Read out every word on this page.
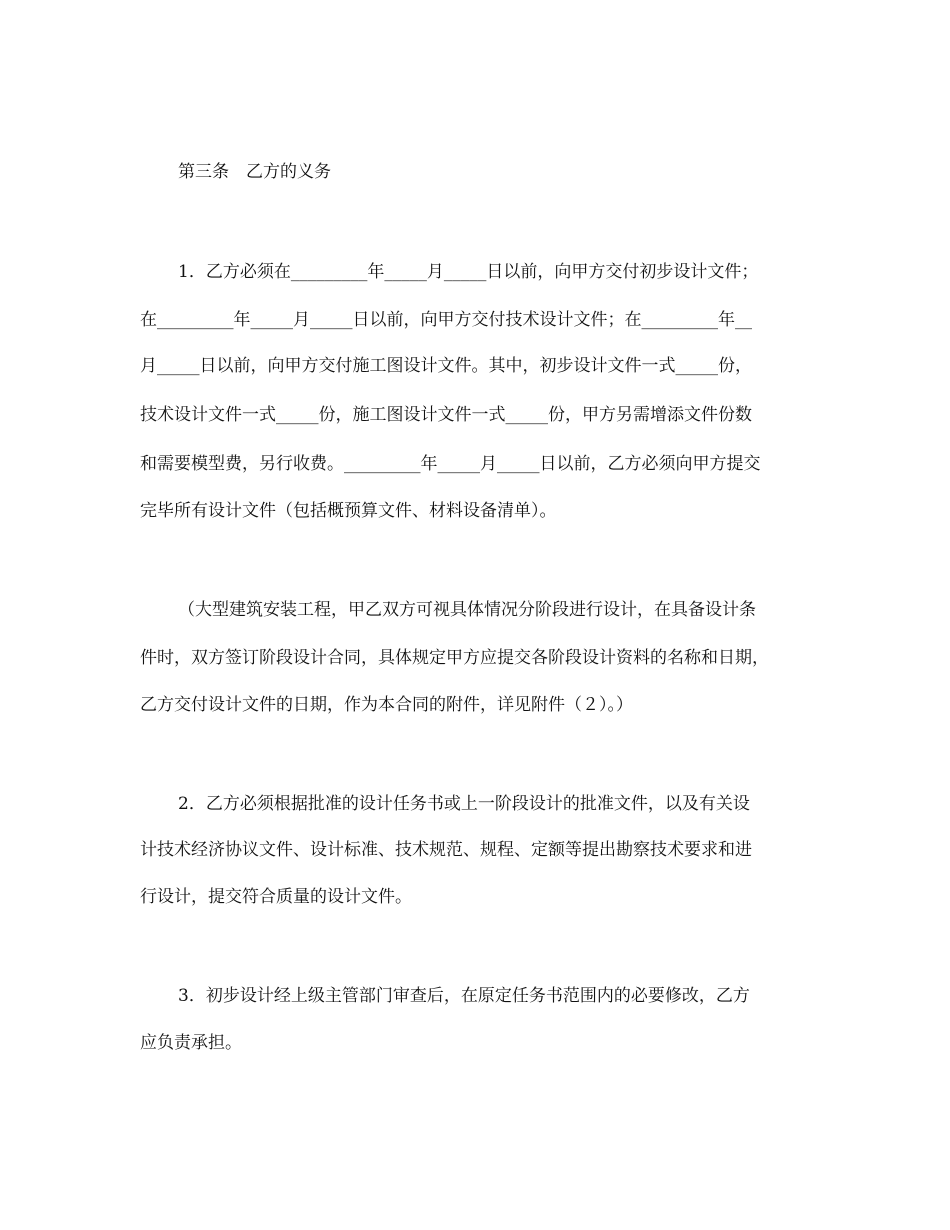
第三条　乙方的义务
1．乙方必须在_________年_____月_____日以前，向甲方交付初步设计文件；
在_________年_____月_____日以前，向甲方交付技术设计文件；在_________年__
月_____日以前，向甲方交付施工图设计文件。其中，初步设计文件一式_____份，
技术设计文件一式_____份，施工图设计文件一式_____份，甲方另需增添文件份数
和需要模型费，另行收费。_________年_____月_____日以前，乙方必须向甲方提交
完毕所有设计文件（包括概预算文件、材料设备清单）。
（大型建筑安装工程，甲乙双方可视具体情况分阶段进行设计，在具备设计条
件时，双方签订阶段设计合同，具体规定甲方应提交各阶段设计资料的名称和日期，
乙方交付设计文件的日期，作为本合同的附件，详见附件（２）。）
2．乙方必须根据批准的设计任务书或上一阶段设计的批准文件，以及有关设
计技术经济协议文件、设计标准、技术规范、规程、定额等提出勘察技术要求和进
行设计，提交符合质量的设计文件。
3．初步设计经上级主管部门审查后，在原定任务书范围内的必要修改，乙方
应负责承担。
